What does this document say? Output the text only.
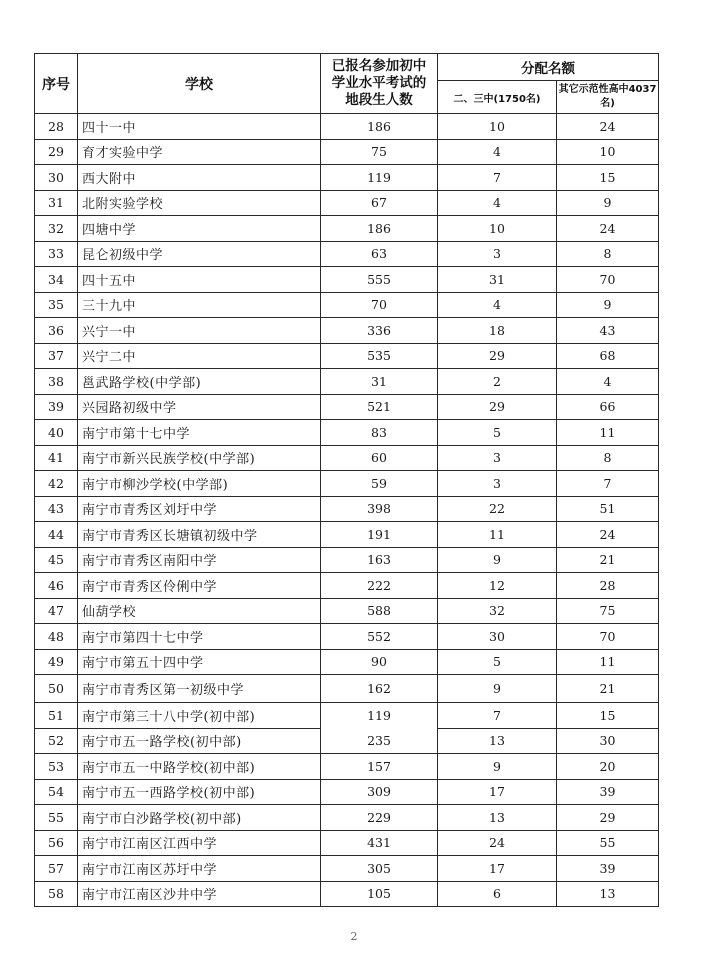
序号	学校	已报名参加初中学业水平考试的地段生人数	分配名额	
			二、三中(1750名)	其它示范性高中4037名)
28	四十一中	186	10	24
29	育才实验中学	75	4	10
30	西大附中	119	7	15
31	北附实验学校	67	4	9
32	四塘中学	186	10	24
33	昆仑初级中学	63	3	8
34	四十五中	555	31	70
35	三十九中	70	4	9
36	兴宁一中	336	18	43
37	兴宁二中	535	29	68
38	邕武路学校(中学部)	31	2	4
39	兴园路初级中学	521	29	66
40	南宁市第十七中学	83	5	11
41	南宁市新兴民族学校(中学部)	60	3	8
42	南宁市柳沙学校(中学部)	59	3	7
43	南宁市青秀区刘圩中学	398	22	51
44	南宁市青秀区长塘镇初级中学	191	11	24
45	南宁市青秀区南阳中学	163	9	21
46	南宁市青秀区伶俐中学	222	12	28
47	仙葫学校	588	32	75
48	南宁市第四十七中学	552	30	70
49	南宁市第五十四中学	90	5	11
50	南宁市青秀区第一初级中学	162	9	21
51	南宁市第三十八中学(初中部)	119	7	15
52	南宁市五一路学校(初中部)	235	13	30
53	南宁市五一中路学校(初中部)	157	9	20
54	南宁市五一西路学校(初中部)	309	17	39
55	南宁市白沙路学校(初中部)	229	13	29
56	南宁市江南区江西中学	431	24	55
57	南宁市江南区苏圩中学	305	17	39
58	南宁市江南区沙井中学	105	6	13
2
